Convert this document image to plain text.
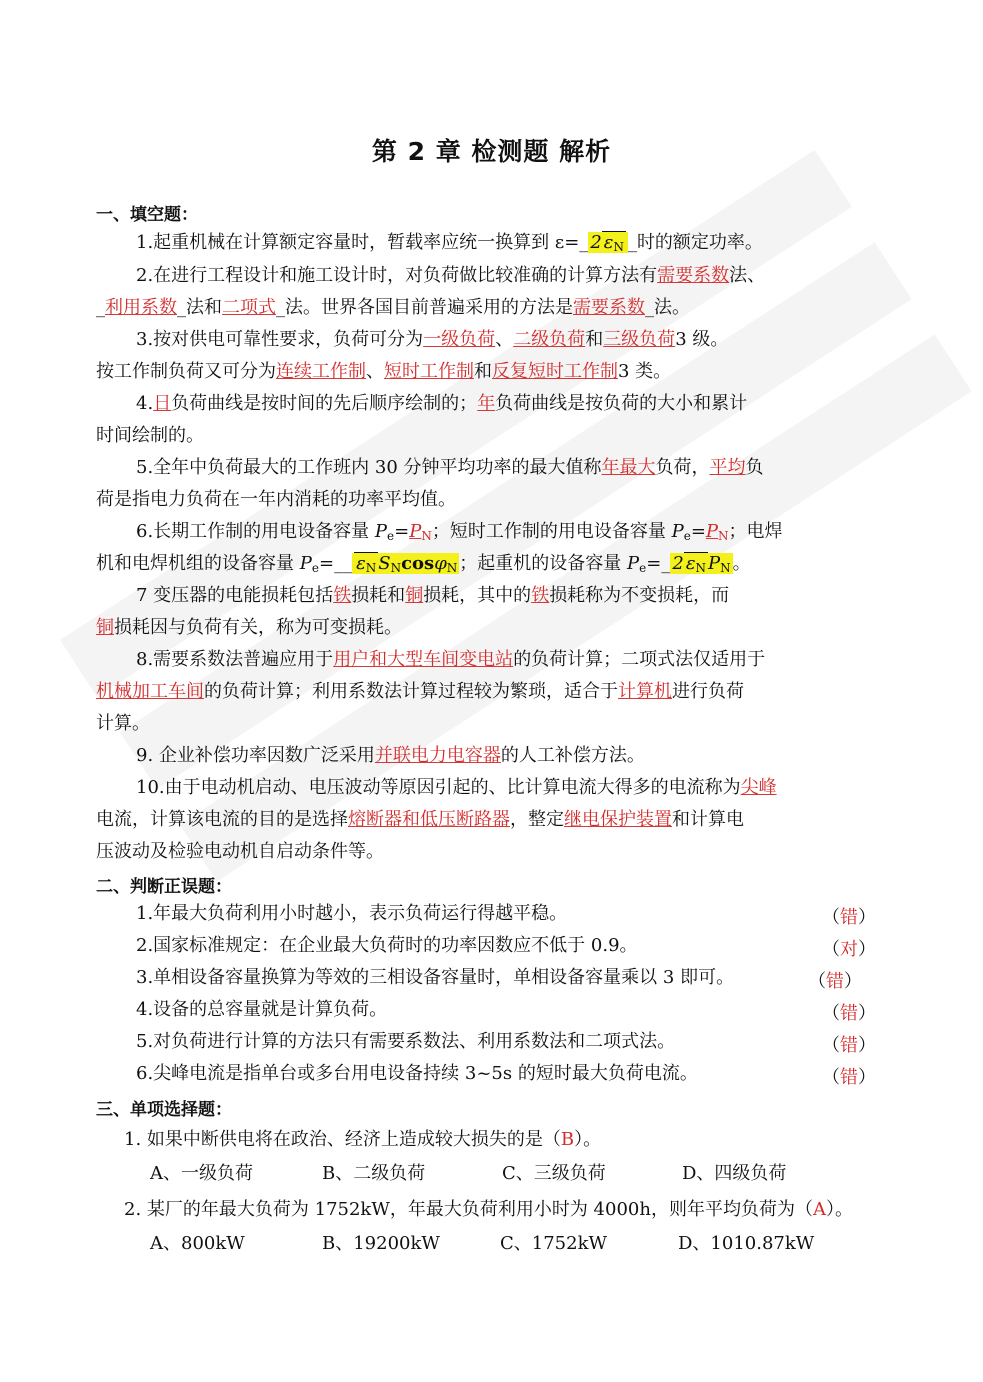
第 2 章 检测题 解析
一、填空题：
1.起重机械在计算额定容量时，暂载率应统一换算到 ε=_ 2 $\varepsilon_N$ _时的额定功率。
2.在进行工程设计和施工设计时，对负荷做比较准确的计算方法有需要系数法、
_利用系数_法和二项式_法。世界各国目前普遍采用的方法是需要系数_法。
3.按对供电可靠性要求，负荷可分为一级负荷、二级负荷和三级负荷3 级。
按工作制负荷又可分为连续工作制、短时工作制和反复短时工作制3 类。
4.日负荷曲线是按时间的先后顺序绘制的；年负荷曲线是按负荷的大小和累计
时间绘制的。
5.全年中负荷最大的工作班内 30 分钟平均功率的最大值称年最大负荷，平均负
荷是指电力负荷在一年内消耗的功率平均值。
6.长期工作制的用电设备容量 $P_e=P_N$；短时工作制的用电设备容量 $P_e=P_N$；电焊
机和电焊机组的设备容量 $P_e=\_\_$ $\varepsilon_N$ $S_N\cos\varphi_N$ ；起重机的设备容量 $P_e=\_$ 2 $\varepsilon_N$ $P_N$ 。
7 变压器的电能损耗包括铁损耗和铜损耗，其中的铁损耗称为不变损耗，而
铜损耗因与负荷有关，称为可变损耗。
8.需要系数法普遍应用于用户和大型车间变电站的负荷计算；二项式法仅适用于
机械加工车间的负荷计算；利用系数法计算过程较为繁琐，适合于计算机进行负荷
计算。
9. 企业补偿功率因数广泛采用并联电力电容器的人工补偿方法。
10.由于电动机启动、电压波动等原因引起的、比计算电流大得多的电流称为尖峰
电流，计算该电流的目的是选择熔断器和低压断路器，整定继电保护装置和计算电
压波动及检验电动机自启动条件等。
二、判断正误题：
1.年最大负荷利用小时越小，表示负荷运行得越平稳。	（错）
2.国家标准规定：在企业最大负荷时的功率因数应不低于 0.9。	（对）
3.单相设备容量换算为等效的三相设备容量时，单相设备容量乘以 3 即可。	（错）
4.设备的总容量就是计算负荷。	（错）
5.对负荷进行计算的方法只有需要系数法、利用系数法和二项式法。	（错）
6.尖峰电流是指单台或多台用电设备持续 3~5s 的短时最大负荷电流。	（错）
三、单项选择题：
1. 如果中断供电将在政治、经济上造成较大损失的是（B）。
A、一级负荷	B、二级负荷	C、三级负荷	D、四级负荷
2. 某厂的年最大负荷为 1752kW，年最大负荷利用小时为 4000h，则年平均负荷为（A）。
A、800kW	B、19200kW	C、1752kW	D、1010.87kW
